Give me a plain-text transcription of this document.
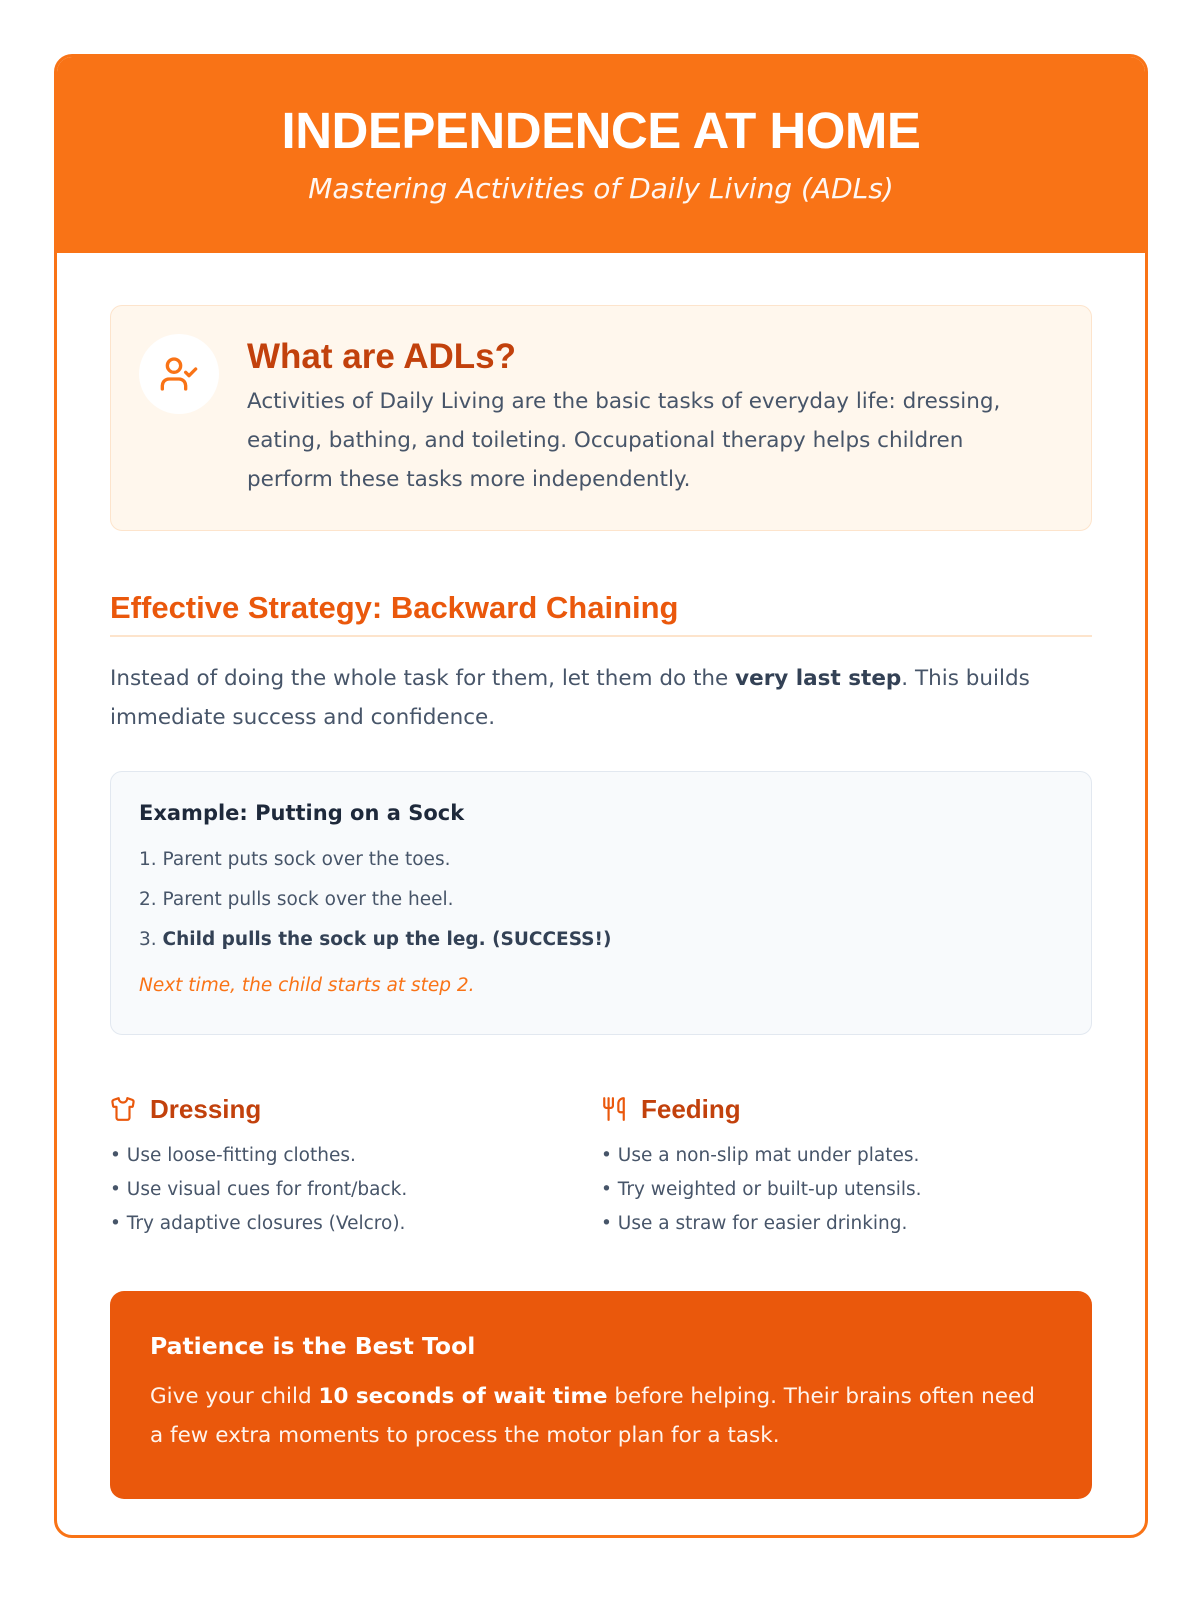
INDEPENDENCE AT HOME
Mastering Activities of Daily Living (ADLs)
What are ADLs?
Activities of Daily Living are the basic tasks of everyday life: dressing, eating, bathing, and toileting. Occupational therapy helps children perform these tasks more independently.
Effective Strategy: Backward Chaining
Instead of doing the whole task for them, let them do the very last step. This builds immediate success and confidence.
Example: Putting on a Sock
1. Parent puts sock over the toes.
2. Parent pulls sock over the heel.
3. Child pulls the sock up the leg. (SUCCESS!)
Next time, the child starts at step 2.
Dressing
• Use loose-fitting clothes.
• Use visual cues for front/back.
• Try adaptive closures (Velcro).
Feeding
• Use a non-slip mat under plates.
• Try weighted or built-up utensils.
• Use a straw for easier drinking.
Patience is the Best Tool
Give your child 10 seconds of wait time before helping. Their brains often need a few extra moments to process the motor plan for a task.
